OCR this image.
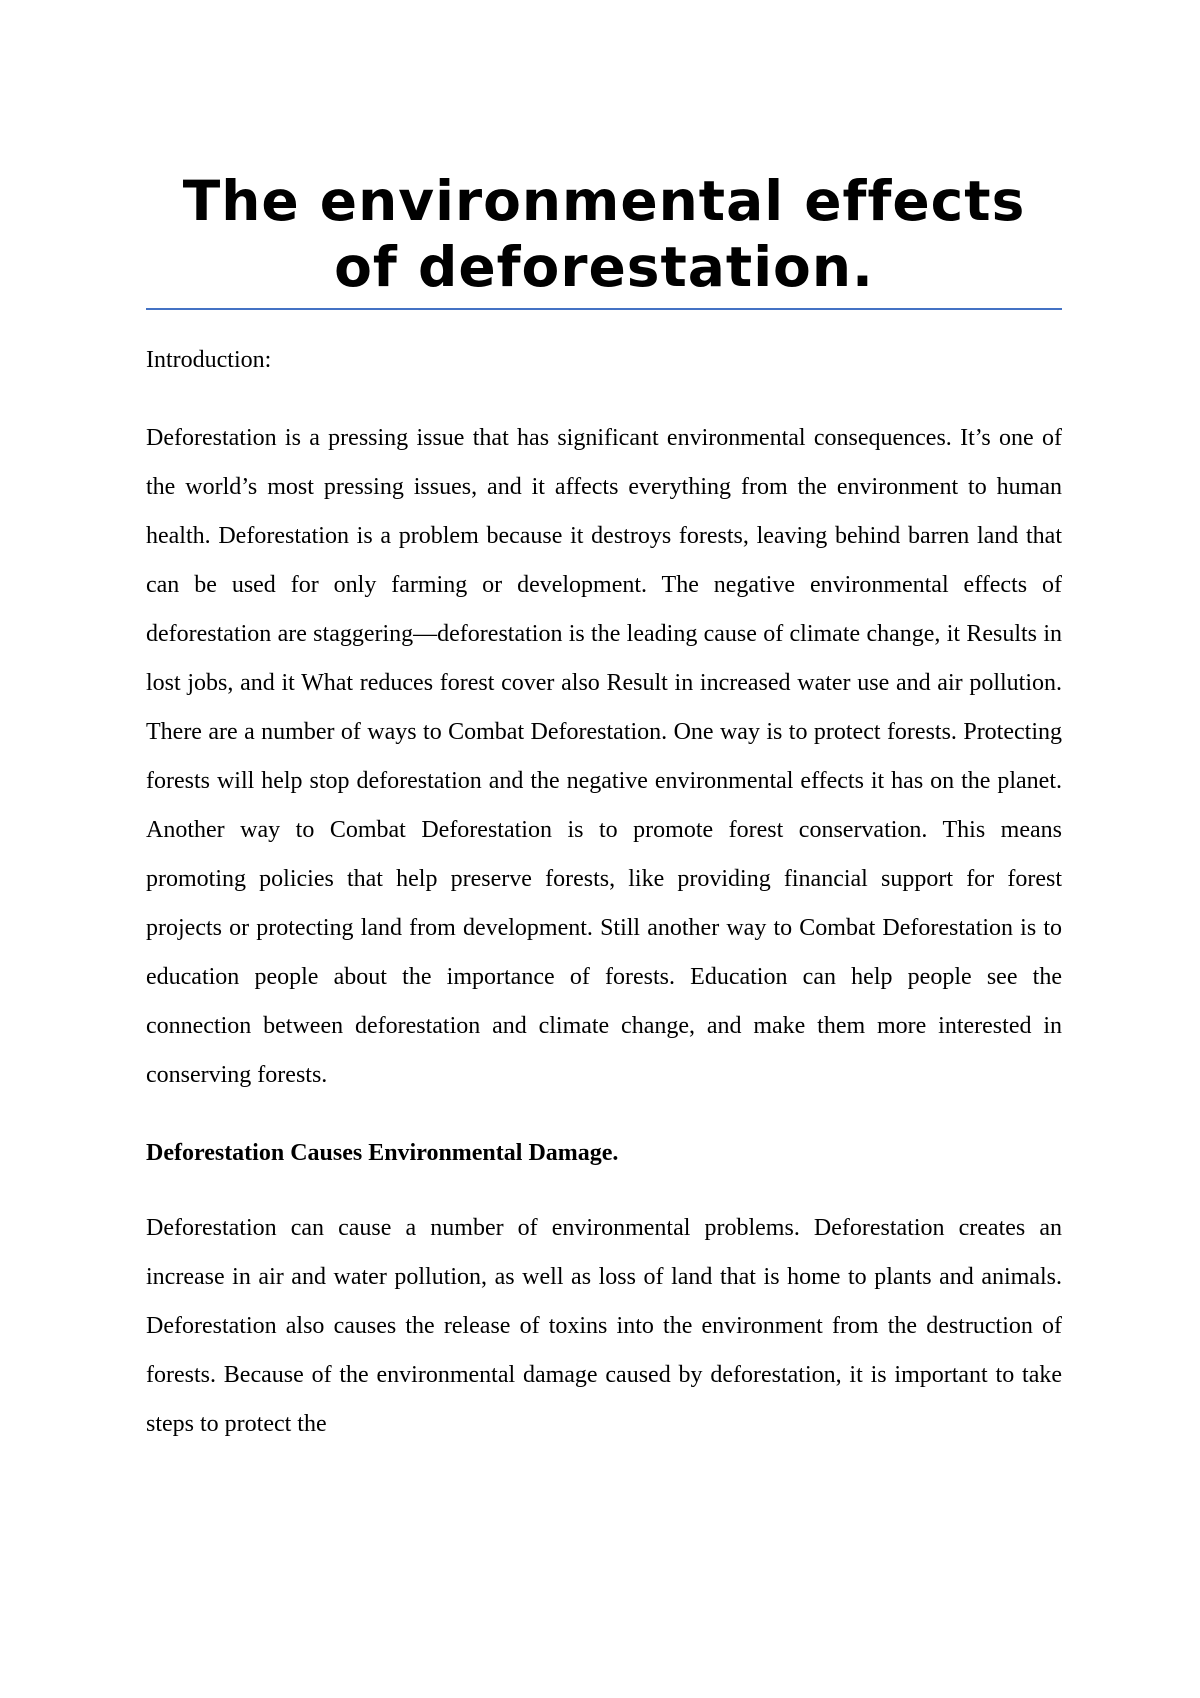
The environmental effects of deforestation.

Introduction:

Deforestation is a pressing issue that has significant environmental consequences. It’s one of the world’s most pressing issues, and it affects everything from the environment to human health. Deforestation is a problem because it destroys forests, leaving behind barren land that can be used for only farming or development. The negative environmental effects of deforestation are staggering—deforestation is the leading cause of climate change, it Results in lost jobs, and it What reduces forest cover also Result in increased water use and air pollution. There are a number of ways to Combat Deforestation. One way is to protect forests. Protecting forests will help stop deforestation and the negative environmental effects it has on the planet. Another way to Combat Deforestation is to promote forest conservation. This means promoting policies that help preserve forests, like providing financial support for forest projects or protecting land from development. Still another way to Combat Deforestation is to education people about the importance of forests. Education can help people see the connection between deforestation and climate change, and make them more interested in conserving forests.

Deforestation Causes Environmental Damage.

Deforestation can cause a number of environmental problems. Deforestation creates an increase in air and water pollution, as well as loss of land that is home to plants and animals. Deforestation also causes the release of toxins into the environment from the destruction of forests. Because of the environmental damage caused by deforestation, it is important to take steps to protect the
